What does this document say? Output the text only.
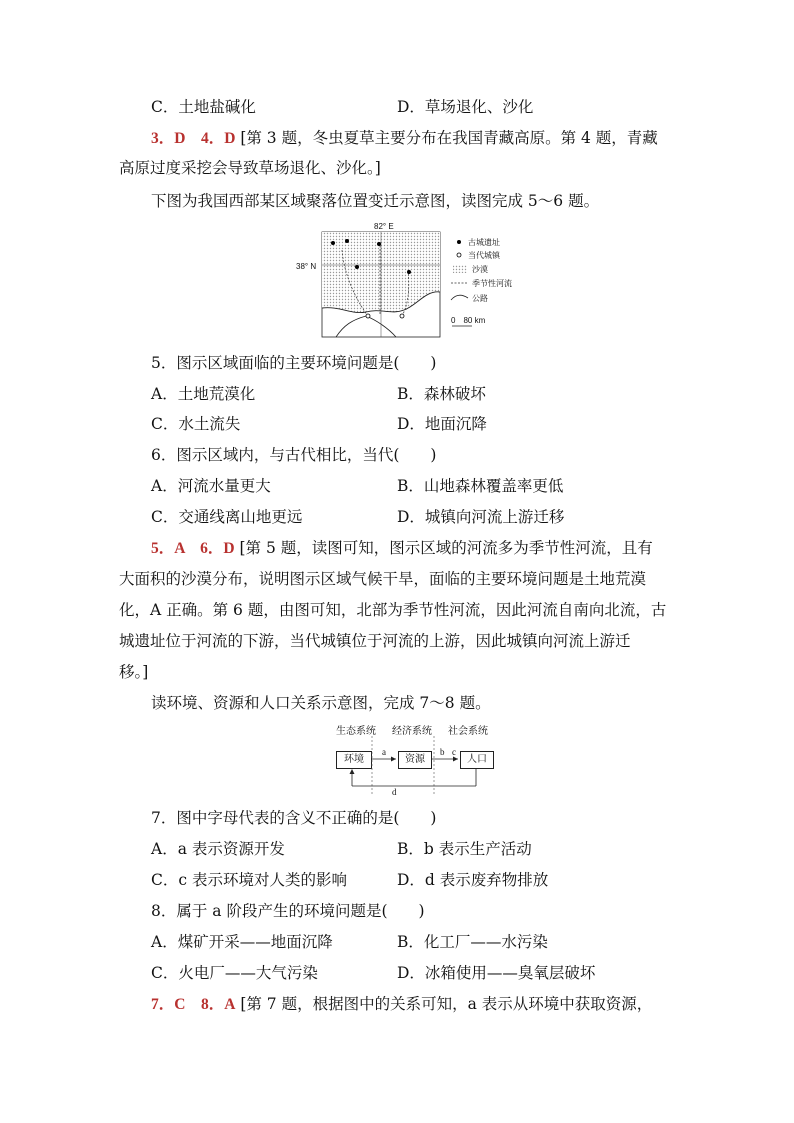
C．土地盐碱化	D．草场退化、沙化
3．D　4．D [第 3 题，冬虫夏草主要分布在我国青藏高原。第 4 题，青藏
高原过度采挖会导致草场退化、沙化。]
下图为我国西部某区域聚落位置变迁示意图，读图完成 5～6 题。
82° E
38° N
古城遗址
当代城镇
沙漠
季节性河流
公路
0　80 km
5．图示区域面临的主要环境问题是(　　)
A．土地荒漠化	B．森林破坏
C．水土流失	D．地面沉降
6．图示区域内，与古代相比，当代(　　)
A．河流水量更大	B．山地森林覆盖率更低
C．交通线离山地更远	D．城镇向河流上游迁移
5．A　6．D [第 5 题，读图可知，图示区域的河流多为季节性河流，且有
大面积的沙漠分布，说明图示区域气候干旱，面临的主要环境问题是土地荒漠
化，A 正确。第 6 题，由图可知，北部为季节性河流，因此河流自南向北流，古
城遗址位于河流的下游，当代城镇位于河流的上游，因此城镇向河流上游迁
移。]
读环境、资源和人口关系示意图，完成 7～8 题。
生态系统 经济系统 社会系统
环境	资源	人口
a	b c
d
7．图中字母代表的含义不正确的是(　　)
A．a 表示资源开发	B．b 表示生产活动
C．c 表示环境对人类的影响	D．d 表示废弃物排放
8．属于 a 阶段产生的环境问题是(　　)
A．煤矿开采——地面沉降	B．化工厂——水污染
C．火电厂——大气污染	D．冰箱使用——臭氧层破坏
7．C　8．A [第 7 题，根据图中的关系可知，a 表示从环境中获取资源，
